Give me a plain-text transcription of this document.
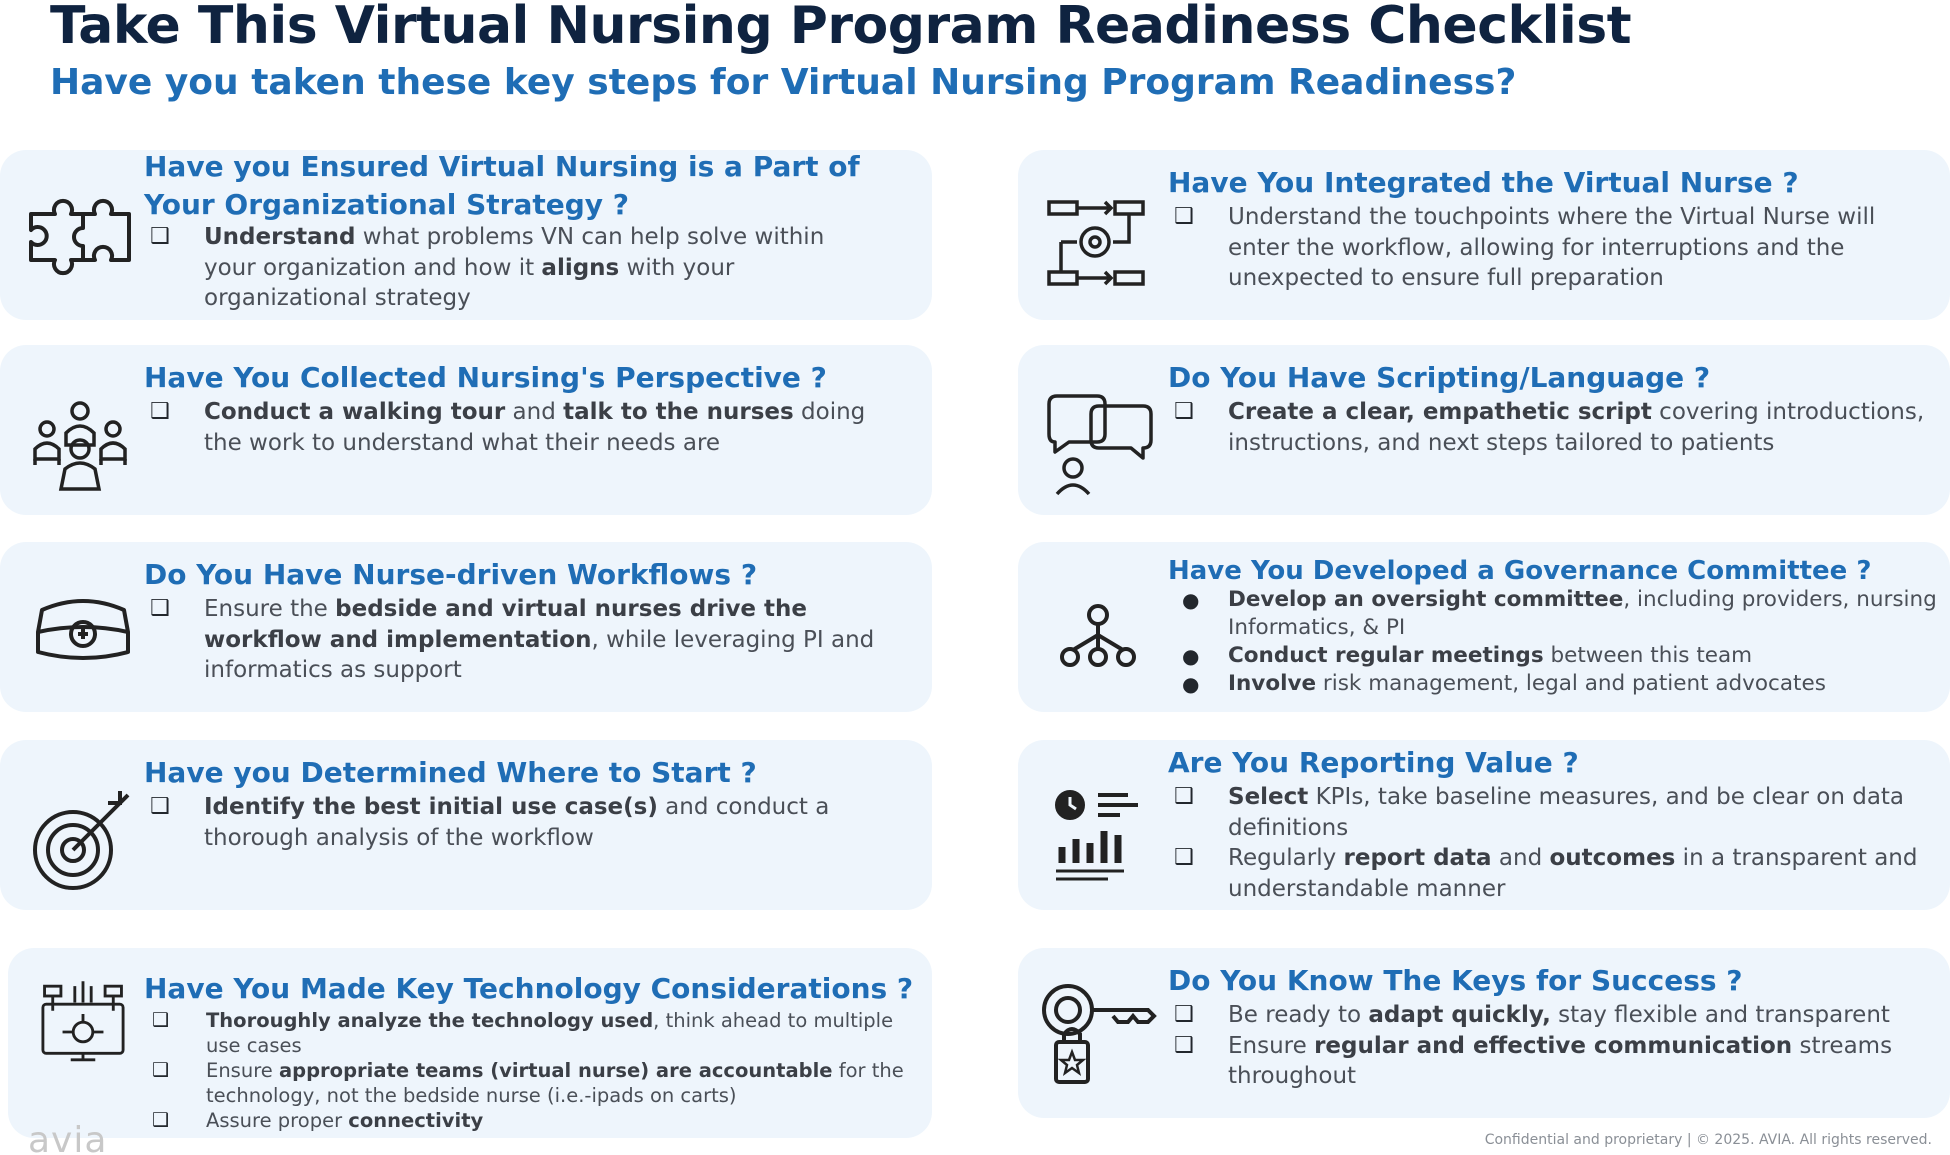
Take This Virtual Nursing Program Readiness Checklist
Have you taken these key steps for Virtual Nursing Program Readiness?
Have you Ensured Virtual Nursing is a Part of
Your Organizational Strategy ?
❑ Understand what problems VN can help solve within your organization and how it aligns with your organizational strategy
Have You Collected Nursing's Perspective ?
❑ Conduct a walking tour and talk to the nurses doing the work to understand what their needs are
Do You Have Nurse-driven Workflows ?
❑ Ensure the bedside and virtual nurses drive the workflow and implementation, while leveraging PI and informatics as support
Have you Determined Where to Start ?
❑ Identify the best initial use case(s) and conduct a thorough analysis of the workflow
Have You Made Key Technology Considerations ?
❑ Thoroughly analyze the technology used, think ahead to multiple use cases
❑ Ensure appropriate teams (virtual nurse) are accountable for the technology, not the bedside nurse (i.e.-ipads on carts)
❑ Assure proper connectivity
Have You Integrated the Virtual Nurse ?
❑ Understand the touchpoints where the Virtual Nurse will enter the workflow, allowing for interruptions and the unexpected to ensure full preparation
Do You Have Scripting/Language ?
❑ Create a clear, empathetic script covering introductions, instructions, and next steps tailored to patients
Have You Developed a Governance Committee ?
● Develop an oversight committee, including providers, nursing Informatics, & PI
● Conduct regular meetings between this team
● Involve risk management, legal and patient advocates
Are You Reporting Value ?
❑ Select KPIs, take baseline measures, and be clear on data definitions
❑ Regularly report data and outcomes in a transparent and understandable manner
Do You Know The Keys for Success ?
❑ Be ready to adapt quickly, stay flexible and transparent
❑ Ensure regular and effective communication streams throughout
avia	Confidential and proprietary | © 2025. AVIA. All rights reserved.
